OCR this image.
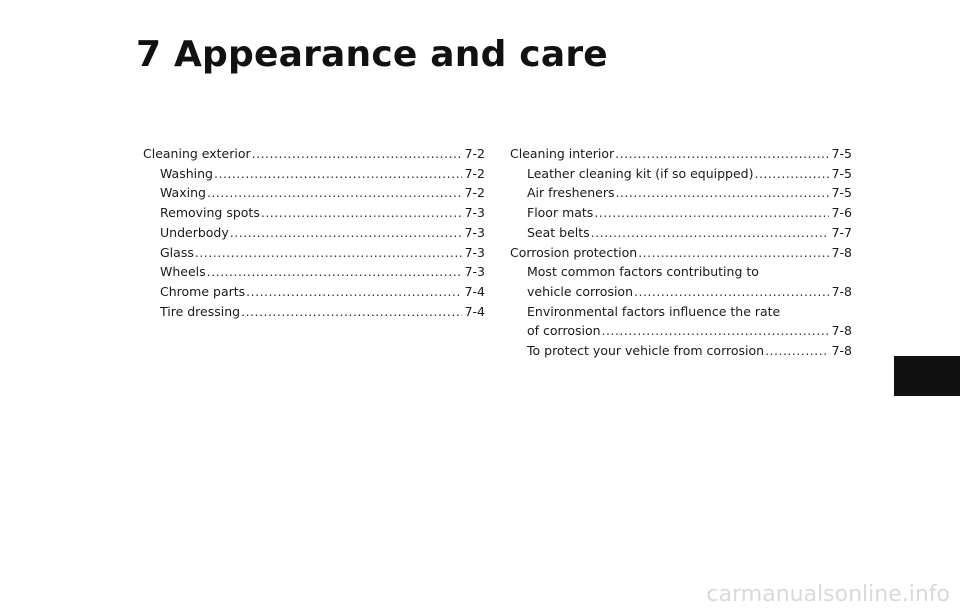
7 Appearance and care
Cleaning exterior .....	7-2
Washing .....	7-2
Waxing .....	7-2
Removing spots .....	7-3
Underbody .....	7-3
Glass .....	7-3
Wheels .....	7-3
Chrome parts .....	7-4
Tire dressing .....	7-4
Cleaning interior .....	7-5
Leather cleaning kit (if so equipped) .....	7-5
Air fresheners .....	7-5
Floor mats .....	7-6
Seat belts .....	7-7
Corrosion protection .....	7-8
Most common factors contributing to
vehicle corrosion .....	7-8
Environmental factors influence the rate
of corrosion .....	7-8
To protect your vehicle from corrosion .....	7-8
carmanualsonline.info
